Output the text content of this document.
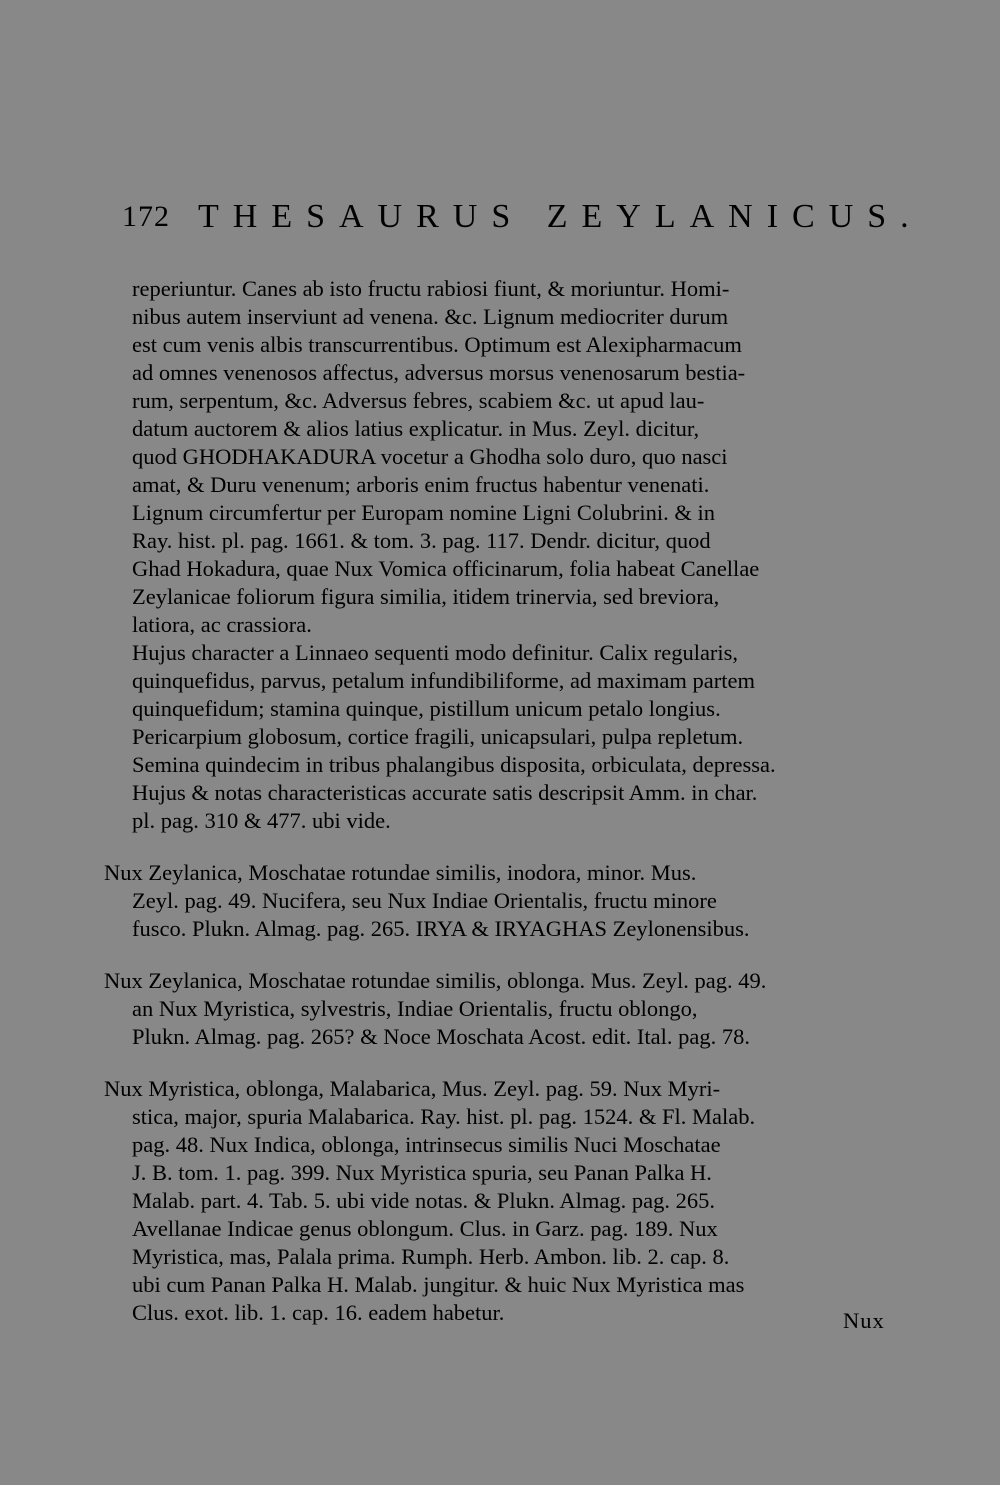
172 THESAURUS ZEYLANICUS.
reperiuntur. Canes ab isto fructu rabiosi fiunt, & moriuntur. Homi-
nibus autem inserviunt ad venena. &c. Lignum mediocriter durum
est cum venis albis transcurrentibus. Optimum est Alexipharmacum
ad omnes venenosos affectus, adversus morsus venenosarum bestia-
rum, serpentum, &c. Adversus febres, scabiem &c. ut apud lau-
datum auctorem & alios latius explicatur. in Mus. Zeyl. dicitur,
quod GHODHAKADURA vocetur a Ghodha solo duro, quo nasci
amat, & Duru venenum; arboris enim fructus habentur venenati.
Lignum circumfertur per Europam nomine Ligni Colubrini. & in
Ray. hist. pl. pag. 1661. & tom. 3. pag. 117. Dendr. dicitur, quod
Ghad Hokadura, quae Nux Vomica officinarum, folia habeat Canellae
Zeylanicae foliorum figura similia, itidem trinervia, sed breviora,
latiora, ac crassiora.
Hujus character a Linnaeo sequenti modo definitur. Calix regularis,
quinquefidus, parvus, petalum infundibiliforme, ad maximam partem
quinquefidum; stamina quinque, pistillum unicum petalo longius.
Pericarpium globosum, cortice fragili, unicapsulari, pulpa repletum.
Semina quindecim in tribus phalangibus disposita, orbiculata, depressa.
Hujus & notas characteristicas accurate satis descripsit Amm. in char.
pl. pag. 310 & 477. ubi vide.
Nux Zeylanica, Moschatae rotundae similis, inodora, minor. Mus.
Zeyl. pag. 49. Nucifera, seu Nux Indiae Orientalis, fructu minore
fusco. Plukn. Almag. pag. 265. IRYA & IRYAGHAS Zeylonensibus.
Nux Zeylanica, Moschatae rotundae similis, oblonga. Mus. Zeyl. pag. 49.
an Nux Myristica, sylvestris, Indiae Orientalis, fructu oblongo,
Plukn. Almag. pag. 265? & Noce Moschata Acost. edit. Ital. pag. 78.
Nux Myristica, oblonga, Malabarica, Mus. Zeyl. pag. 59. Nux Myri-
stica, major, spuria Malabarica. Ray. hist. pl. pag. 1524. & Fl. Malab.
pag. 48. Nux Indica, oblonga, intrinsecus similis Nuci Moschatae
J. B. tom. 1. pag. 399. Nux Myristica spuria, seu Panan Palka H.
Malab. part. 4. Tab. 5. ubi vide notas. & Plukn. Almag. pag. 265.
Avellanae Indicae genus oblongum. Clus. in Garz. pag. 189. Nux
Myristica, mas, Palala prima. Rumph. Herb. Ambon. lib. 2. cap. 8.
ubi cum Panan Palka H. Malab. jungitur. & huic Nux Myristica mas
Clus. exot. lib. 1. cap. 16. eadem habetur.	Nux
